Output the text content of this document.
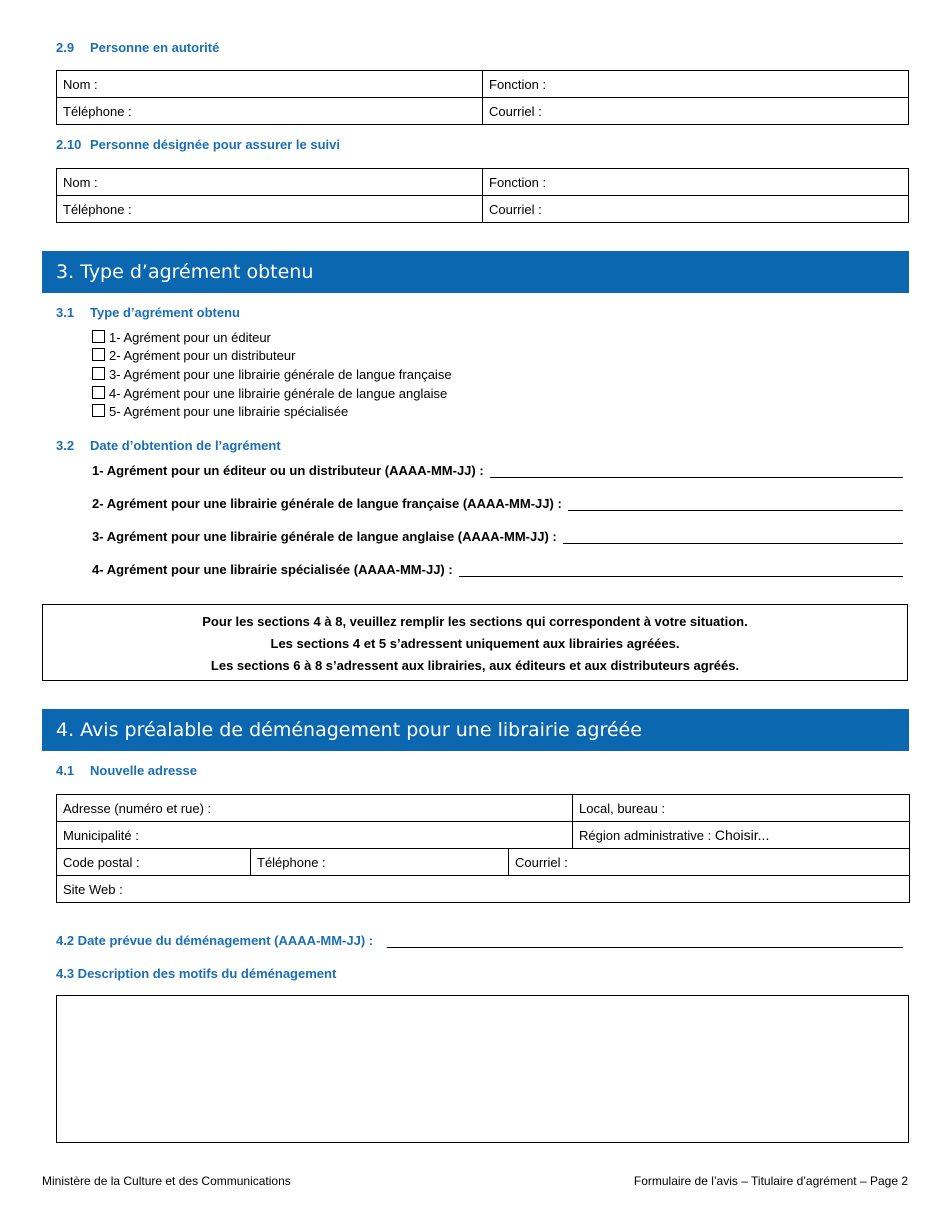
2.9 Personne en autorité
Nom :	Fonction :
Téléphone :	Courriel :
2.10 Personne désignée pour assurer le suivi
Nom :	Fonction :
Téléphone :	Courriel :
3. Type d’agrément obtenu
3.1 Type d’agrément obtenu
1- Agrément pour un éditeur
2- Agrément pour un distributeur
3- Agrément pour une librairie générale de langue française
4- Agrément pour une librairie générale de langue anglaise
5- Agrément pour une librairie spécialisée
3.2 Date d’obtention de l’agrément
1- Agrément pour un éditeur ou un distributeur (AAAA-MM-JJ) :
2- Agrément pour une librairie générale de langue française (AAAA-MM-JJ) :
3- Agrément pour une librairie générale de langue anglaise (AAAA-MM-JJ) :
4- Agrément pour une librairie spécialisée (AAAA-MM-JJ) :
Pour les sections 4 à 8, veuillez remplir les sections qui correspondent à votre situation.
Les sections 4 et 5 s’adressent uniquement aux librairies agréées.
Les sections 6 à 8 s’adressent aux librairies, aux éditeurs et aux distributeurs agréés.
4. Avis préalable de déménagement pour une librairie agréée
4.1 Nouvelle adresse
Adresse (numéro et rue) :			Local, bureau :
Municipalité :			Région administrative : Choisir...
Code postal :	Téléphone :	Courriel :	
Site Web :			
4.2 Date prévue du déménagement (AAAA-MM-JJ) :
4.3 Description des motifs du déménagement
Ministère de la Culture et des Communications	Formulaire de l’avis – Titulaire d’agrément – Page 2
